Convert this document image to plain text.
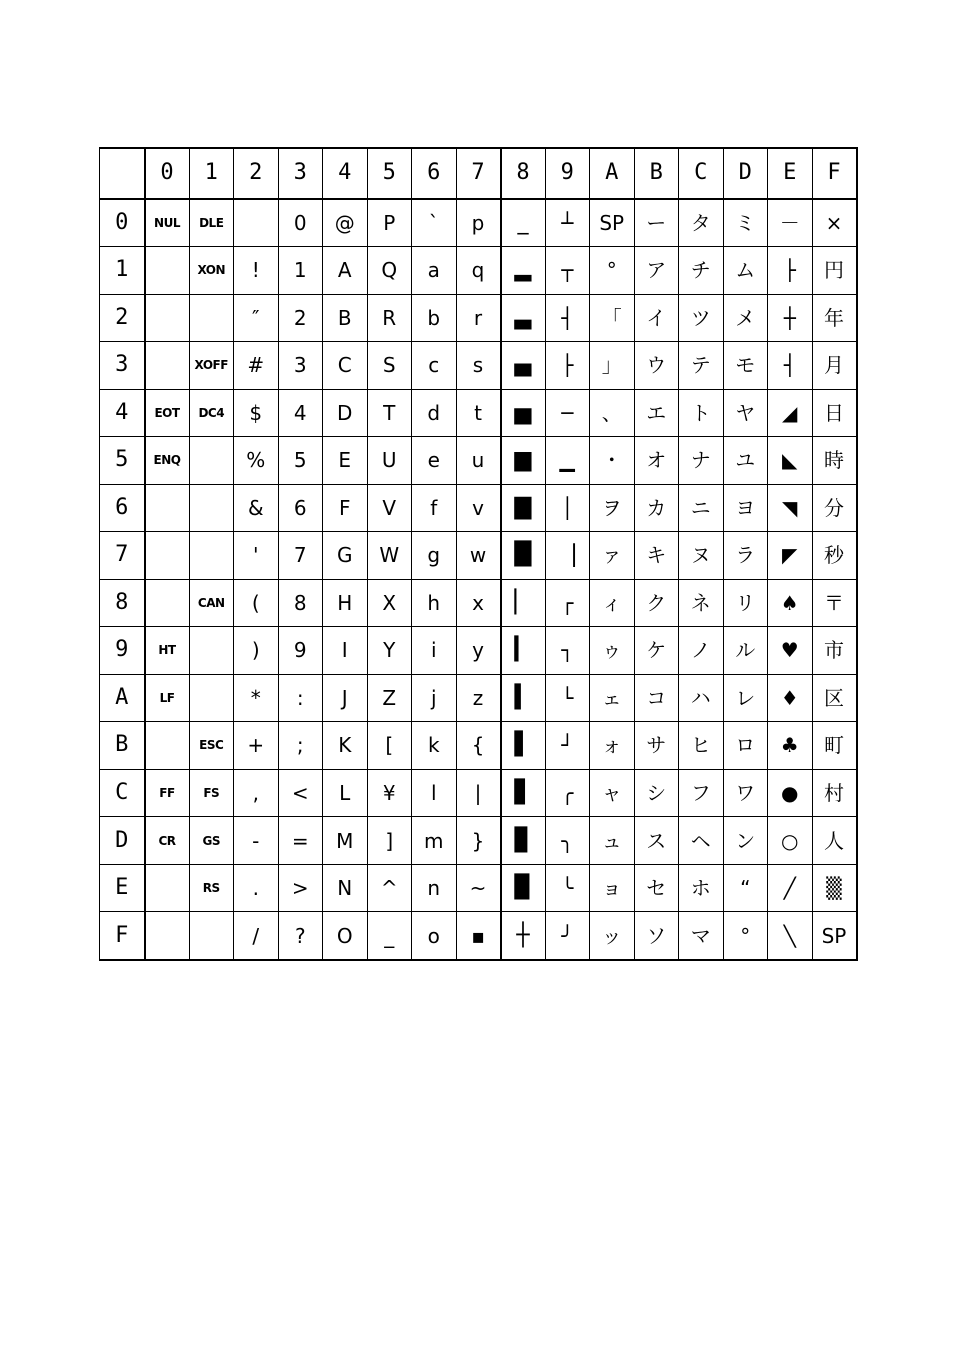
	0	1	2	3	4	5	6	7	8	9	A	B	C	D	E	F
0	NUL	DLE		0	@	P	`	p	_	┴	SP	ー	タ	ミ	－	×
1		XON	!	1	A	Q	a	q	▂	┬	°	ア	チ	ム	├	円
2			″	2	B	R	b	r	▃	┤	「	イ	ツ	メ	┼	年
3		XOFF	#	3	C	S	c	s	▄	├	」	ウ	テ	モ	┤	月
4	EOT	DC4	$	4	D	T	d	t	▅	─	、	エ	ト	ヤ	◢	日
5	ENQ		%	5	E	U	e	u	▆	▁	・	オ	ナ	ユ	◣	時
6			&	6	F	V	f	v	▇	│	ヲ	カ	ニ	ヨ	◥	分
7			'	7	G	W	g	w	█	▕	ァ	キ	ヌ	ラ	◤	秒
8		CAN	(	8	H	X	h	x	▏	┌	ィ	ク	ネ	リ	♠	〒
9	HT		)	9	I	Y	i	y	▎	┐	ゥ	ケ	ノ	ル	♥	市
A	LF		*	:	J	Z	j	z	▍	└	ェ	コ	ハ	レ	♦	区
B		ESC	+	;	K	[	k	{	▌	┘	ォ	サ	ヒ	ロ	♣	町
C	FF	FS	,	<	L	¥	l	|	▋	╭	ャ	シ	フ	ワ	●	村
D	CR	GS	-	=	M	]	m	}	▊	╮	ュ	ス	ヘ	ン	○	人
E		RS	.	>	N	^	n	~	▉	╰	ョ	セ	ホ	“	╱	▒
F			/	?	O	_	o	▪	┼	╯	ッ	ソ	マ	°	╲	SP
